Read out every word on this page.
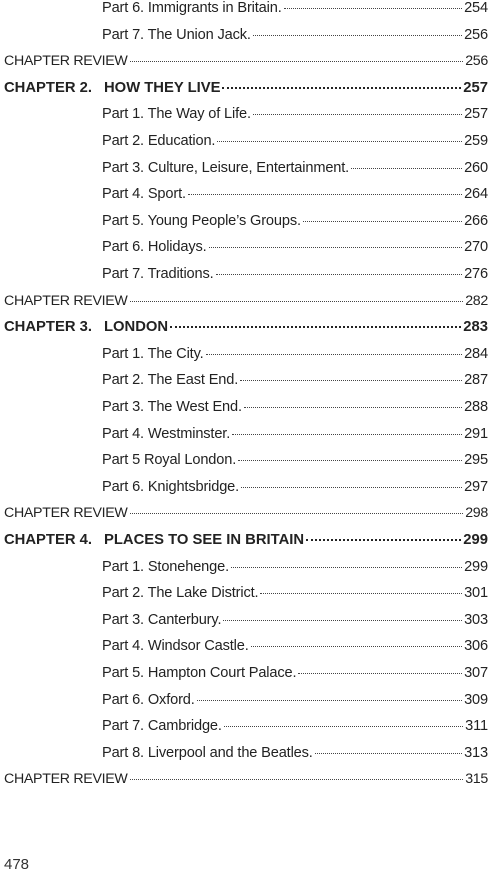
Part 6. Immigrants in Britain.	254
Part 7. The Union Jack.	256
CHAPTER REVIEW	256
CHAPTER 2. HOW THEY LIVE	257
Part 1. The Way of Life.	257
Part 2. Education.	259
Part 3. Culture, Leisure, Entertainment.	260
Part 4. Sport.	264
Part 5. Young People’s Groups.	266
Part 6. Holidays.	270
Part 7. Traditions.	276
CHAPTER REVIEW	282
CHAPTER 3. LONDON	283
Part 1. The City.	284
Part 2. The East End.	287
Part 3. The West End.	288
Part 4. Westminster.	291
Part 5 Royal London.	295
Part 6. Knightsbridge.	297
CHAPTER REVIEW	298
CHAPTER 4. PLACES TO SEE IN BRITAIN	299
Part 1. Stonehenge.	299
Part 2. The Lake District.	301
Part 3. Canterbury.	303
Part 4. Windsor Castle.	306
Part 5. Hampton Court Palace.	307
Part 6. Oxford.	309
Part 7. Cambridge.	311
Part 8. Liverpool and the Beatles.	313
CHAPTER REVIEW	315
478
